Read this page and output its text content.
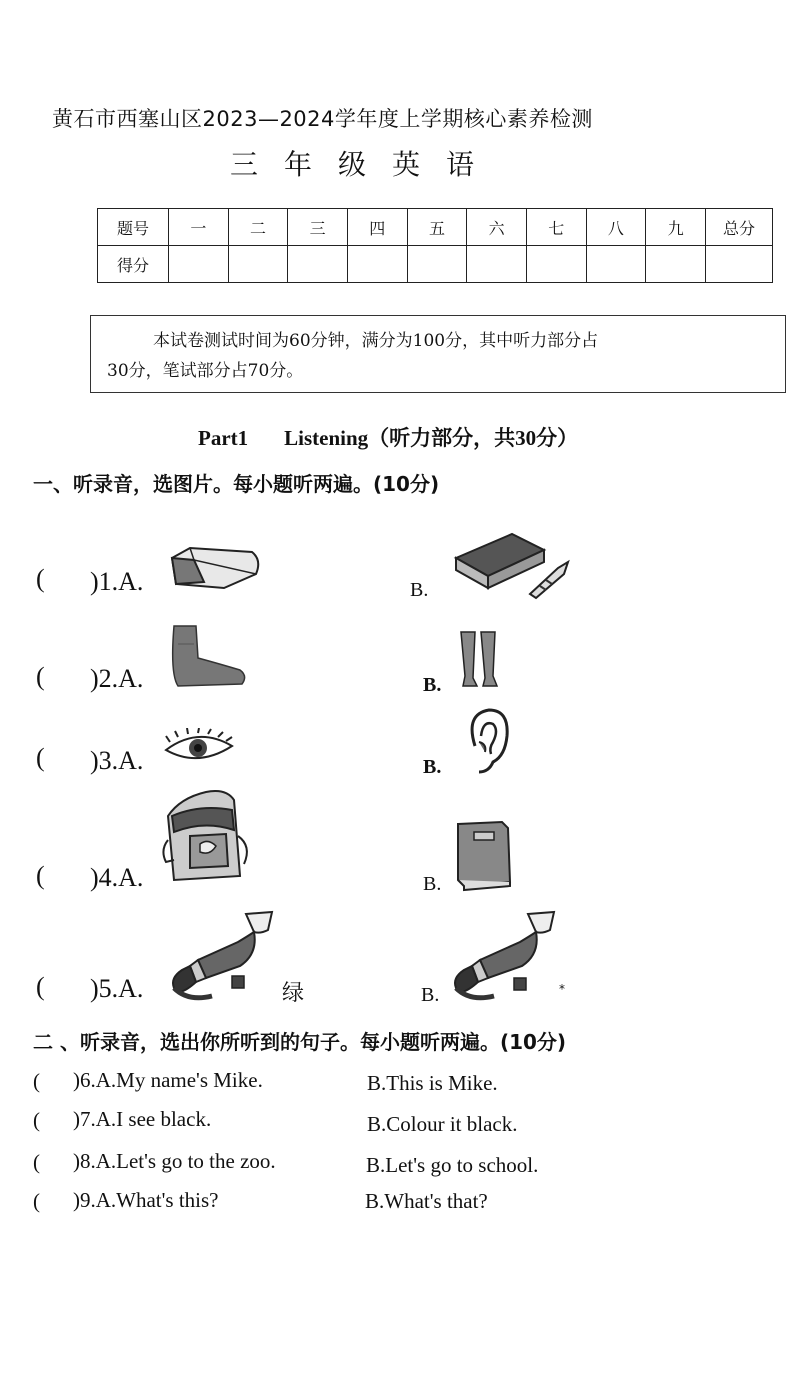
黄石市西塞山区2023—2024学年度上学期核心素养检测
三年级英语
题号	一	二	三	四	五	六	七	八	九	总分
得分										
本试卷测试时间为60分钟，满分为100分，其中听力部分占
30分，笔试部分占70分。
Part1 Listening（听力部分，共30分）
一、听录音，选图片。每小题听两遍。(10分)
( )1.A.	B.
( )2.A.	B.
( )3.A.	B.
( )4.A.	B.
( )5.A.	绿	B.	*
二 、听录音，选出你所听到的句子。每小题听两遍。(10分)
( )6.A.My name's Mike.	B.This is Mike.
( )7.A.I see black.	B.Colour it black.
( )8.A.Let's go to the zoo.	B.Let's go to school.
( )9.A.What's this?	B.What's that?
